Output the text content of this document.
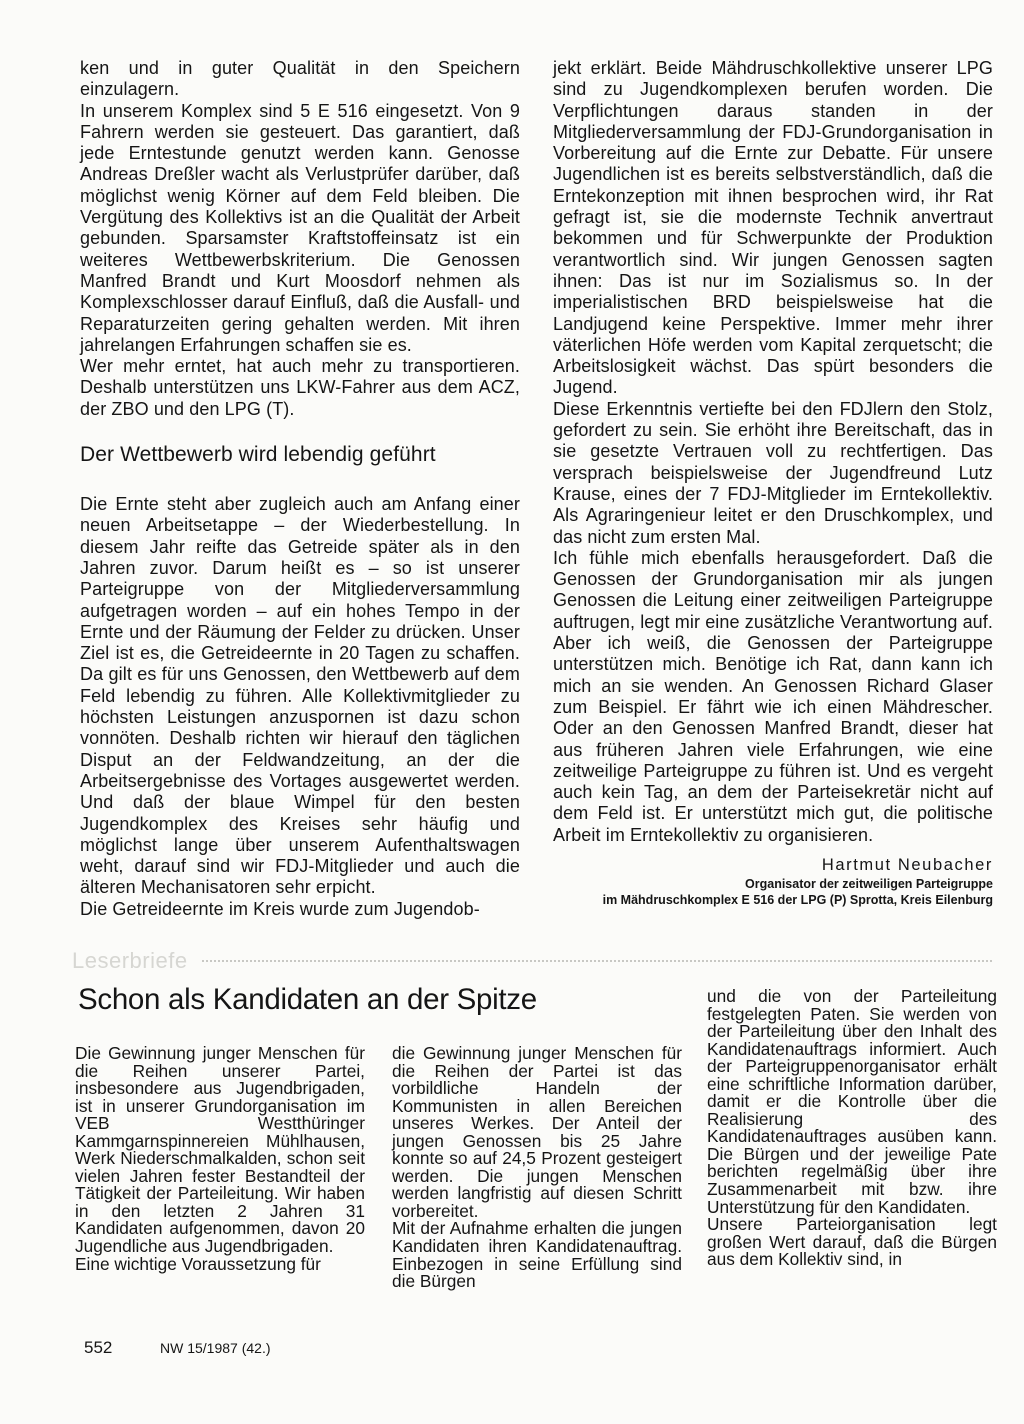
ken und in guter Qualität in den Speichern einzulagern.

In unserem Komplex sind 5 E 516 eingesetzt. Von 9 Fahrern werden sie gesteuert. Das garantiert, daß jede Erntestunde genutzt werden kann. Genosse Andreas Dreßler wacht als Verlustprüfer darüber, daß möglichst wenig Körner auf dem Feld bleiben. Die Vergütung des Kollektivs ist an die Qualität der Arbeit gebunden. Sparsamster Kraftstoffeinsatz ist ein weiteres Wettbewerbskriterium. Die Genossen Manfred Brandt und Kurt Moosdorf nehmen als Komplexschlosser darauf Einfluß, daß die Ausfall- und Reparaturzeiten gering gehalten werden. Mit ihren jahrelangen Erfahrungen schaffen sie es.

Wer mehr erntet, hat auch mehr zu transportieren. Deshalb unterstützen uns LKW-Fahrer aus dem ACZ, der ZBO und den LPG (T).

Der Wettbewerb wird lebendig geführt

Die Ernte steht aber zugleich auch am Anfang einer neuen Arbeitsetappe – der Wiederbestellung. In diesem Jahr reifte das Getreide später als in den Jahren zuvor. Darum heißt es – so ist unserer Parteigruppe von der Mitgliederversammlung aufgetragen worden – auf ein hohes Tempo in der Ernte und der Räumung der Felder zu drücken. Unser Ziel ist es, die Getreideernte in 20 Tagen zu schaffen. Da gilt es für uns Genossen, den Wettbewerb auf dem Feld lebendig zu führen. Alle Kollektivmitglieder zu höchsten Leistungen anzuspornen ist dazu schon vonnöten. Deshalb richten wir hierauf den täglichen Disput an der Feldwandzeitung, an der die Arbeitsergebnisse des Vortages ausgewertet werden. Und daß der blaue Wimpel für den besten Jugendkomplex des Kreises sehr häufig und möglichst lange über unserem Aufenthaltswagen weht, darauf sind wir FDJ-Mitglieder und auch die älteren Mechanisatoren sehr erpicht.

Die Getreideernte im Kreis wurde zum Jugendob-

jekt erklärt. Beide Mähdruschkollektive unserer LPG sind zu Jugendkomplexen berufen worden. Die Verpflichtungen daraus standen in der Mitgliederversammlung der FDJ-Grundorganisation in Vorbereitung auf die Ernte zur Debatte. Für unsere Jugendlichen ist es bereits selbstverständlich, daß die Erntekonzeption mit ihnen besprochen wird, ihr Rat gefragt ist, sie die modernste Technik anvertraut bekommen und für Schwerpunkte der Produktion verantwortlich sind. Wir jungen Genossen sagten ihnen: Das ist nur im Sozialismus so. In der imperialistischen BRD beispielsweise hat die Landjugend keine Perspektive. Immer mehr ihrer väterlichen Höfe werden vom Kapital zerquetscht; die Arbeitslosigkeit wächst. Das spürt besonders die Jugend.

Diese Erkenntnis vertiefte bei den FDJlern den Stolz, gefordert zu sein. Sie erhöht ihre Bereitschaft, das in sie gesetzte Vertrauen voll zu rechtfertigen. Das versprach beispielsweise der Jugendfreund Lutz Krause, eines der 7 FDJ-Mitglieder im Erntekollektiv. Als Agraringenieur leitet er den Druschkomplex, und das nicht zum ersten Mal.

Ich fühle mich ebenfalls herausgefordert. Daß die Genossen der Grundorganisation mir als jungen Genossen die Leitung einer zeitweiligen Parteigruppe auftrugen, legt mir eine zusätzliche Verantwortung auf. Aber ich weiß, die Genossen der Parteigruppe unterstützen mich. Benötige ich Rat, dann kann ich mich an sie wenden. An Genossen Richard Glaser zum Beispiel. Er fährt wie ich einen Mähdrescher. Oder an den Genossen Manfred Brandt, dieser hat aus früheren Jahren viele Erfahrungen, wie eine zeitweilige Parteigruppe zu führen ist. Und es vergeht auch kein Tag, an dem der Parteisekretär nicht auf dem Feld ist. Er unterstützt mich gut, die politische Arbeit im Erntekollektiv zu organisieren.

Hartmut Neubacher
Organisator der zeitweiligen Parteigruppe
im Mähdruschkomplex E 516 der LPG (P) Sprotta, Kreis Eilenburg
Leserbriefe
Schon als Kandidaten an der Spitze

Die Gewinnung junger Menschen für die Reihen unserer Partei, insbesondere aus Jugendbrigaden, ist in unserer Grundorganisation im VEB Westthüringer Kammgarnspinnereien Mühlhausen, Werk Niederschmalkalden, schon seit vielen Jahren fester Bestandteil der Tätigkeit der Parteileitung. Wir haben in den letzten 2 Jahren 31 Kandidaten aufgenommen, davon 20 Jugendliche aus Jugendbrigaden.

Eine wichtige Voraussetzung für

die Gewinnung junger Menschen für die Reihen der Partei ist das vorbildliche Handeln der Kommunisten in allen Bereichen unseres Werkes. Der Anteil der jungen Genossen bis 25 Jahre konnte so auf 24,5 Prozent gesteigert werden. Die jungen Menschen werden langfristig auf diesen Schritt vorbereitet.

Mit der Aufnahme erhalten die jungen Kandidaten ihren Kandidatenauftrag. Einbezogen in seine Erfüllung sind die Bürgen

und die von der Parteileitung festgelegten Paten. Sie werden von der Parteileitung über den Inhalt des Kandidatenauftrags informiert. Auch der Parteigruppenorganisator erhält eine schriftliche Information darüber, damit er die Kontrolle über die Realisierung des Kandidatenauftrages ausüben kann. Die Bürgen und der jeweilige Pate berichten regelmäßig über ihre Zusammenarbeit mit bzw. ihre Unterstützung für den Kandidaten.

Unsere Parteiorganisation legt großen Wert darauf, daß die Bürgen aus dem Kollektiv sind, in

552	NW 15/1987 (42.)
